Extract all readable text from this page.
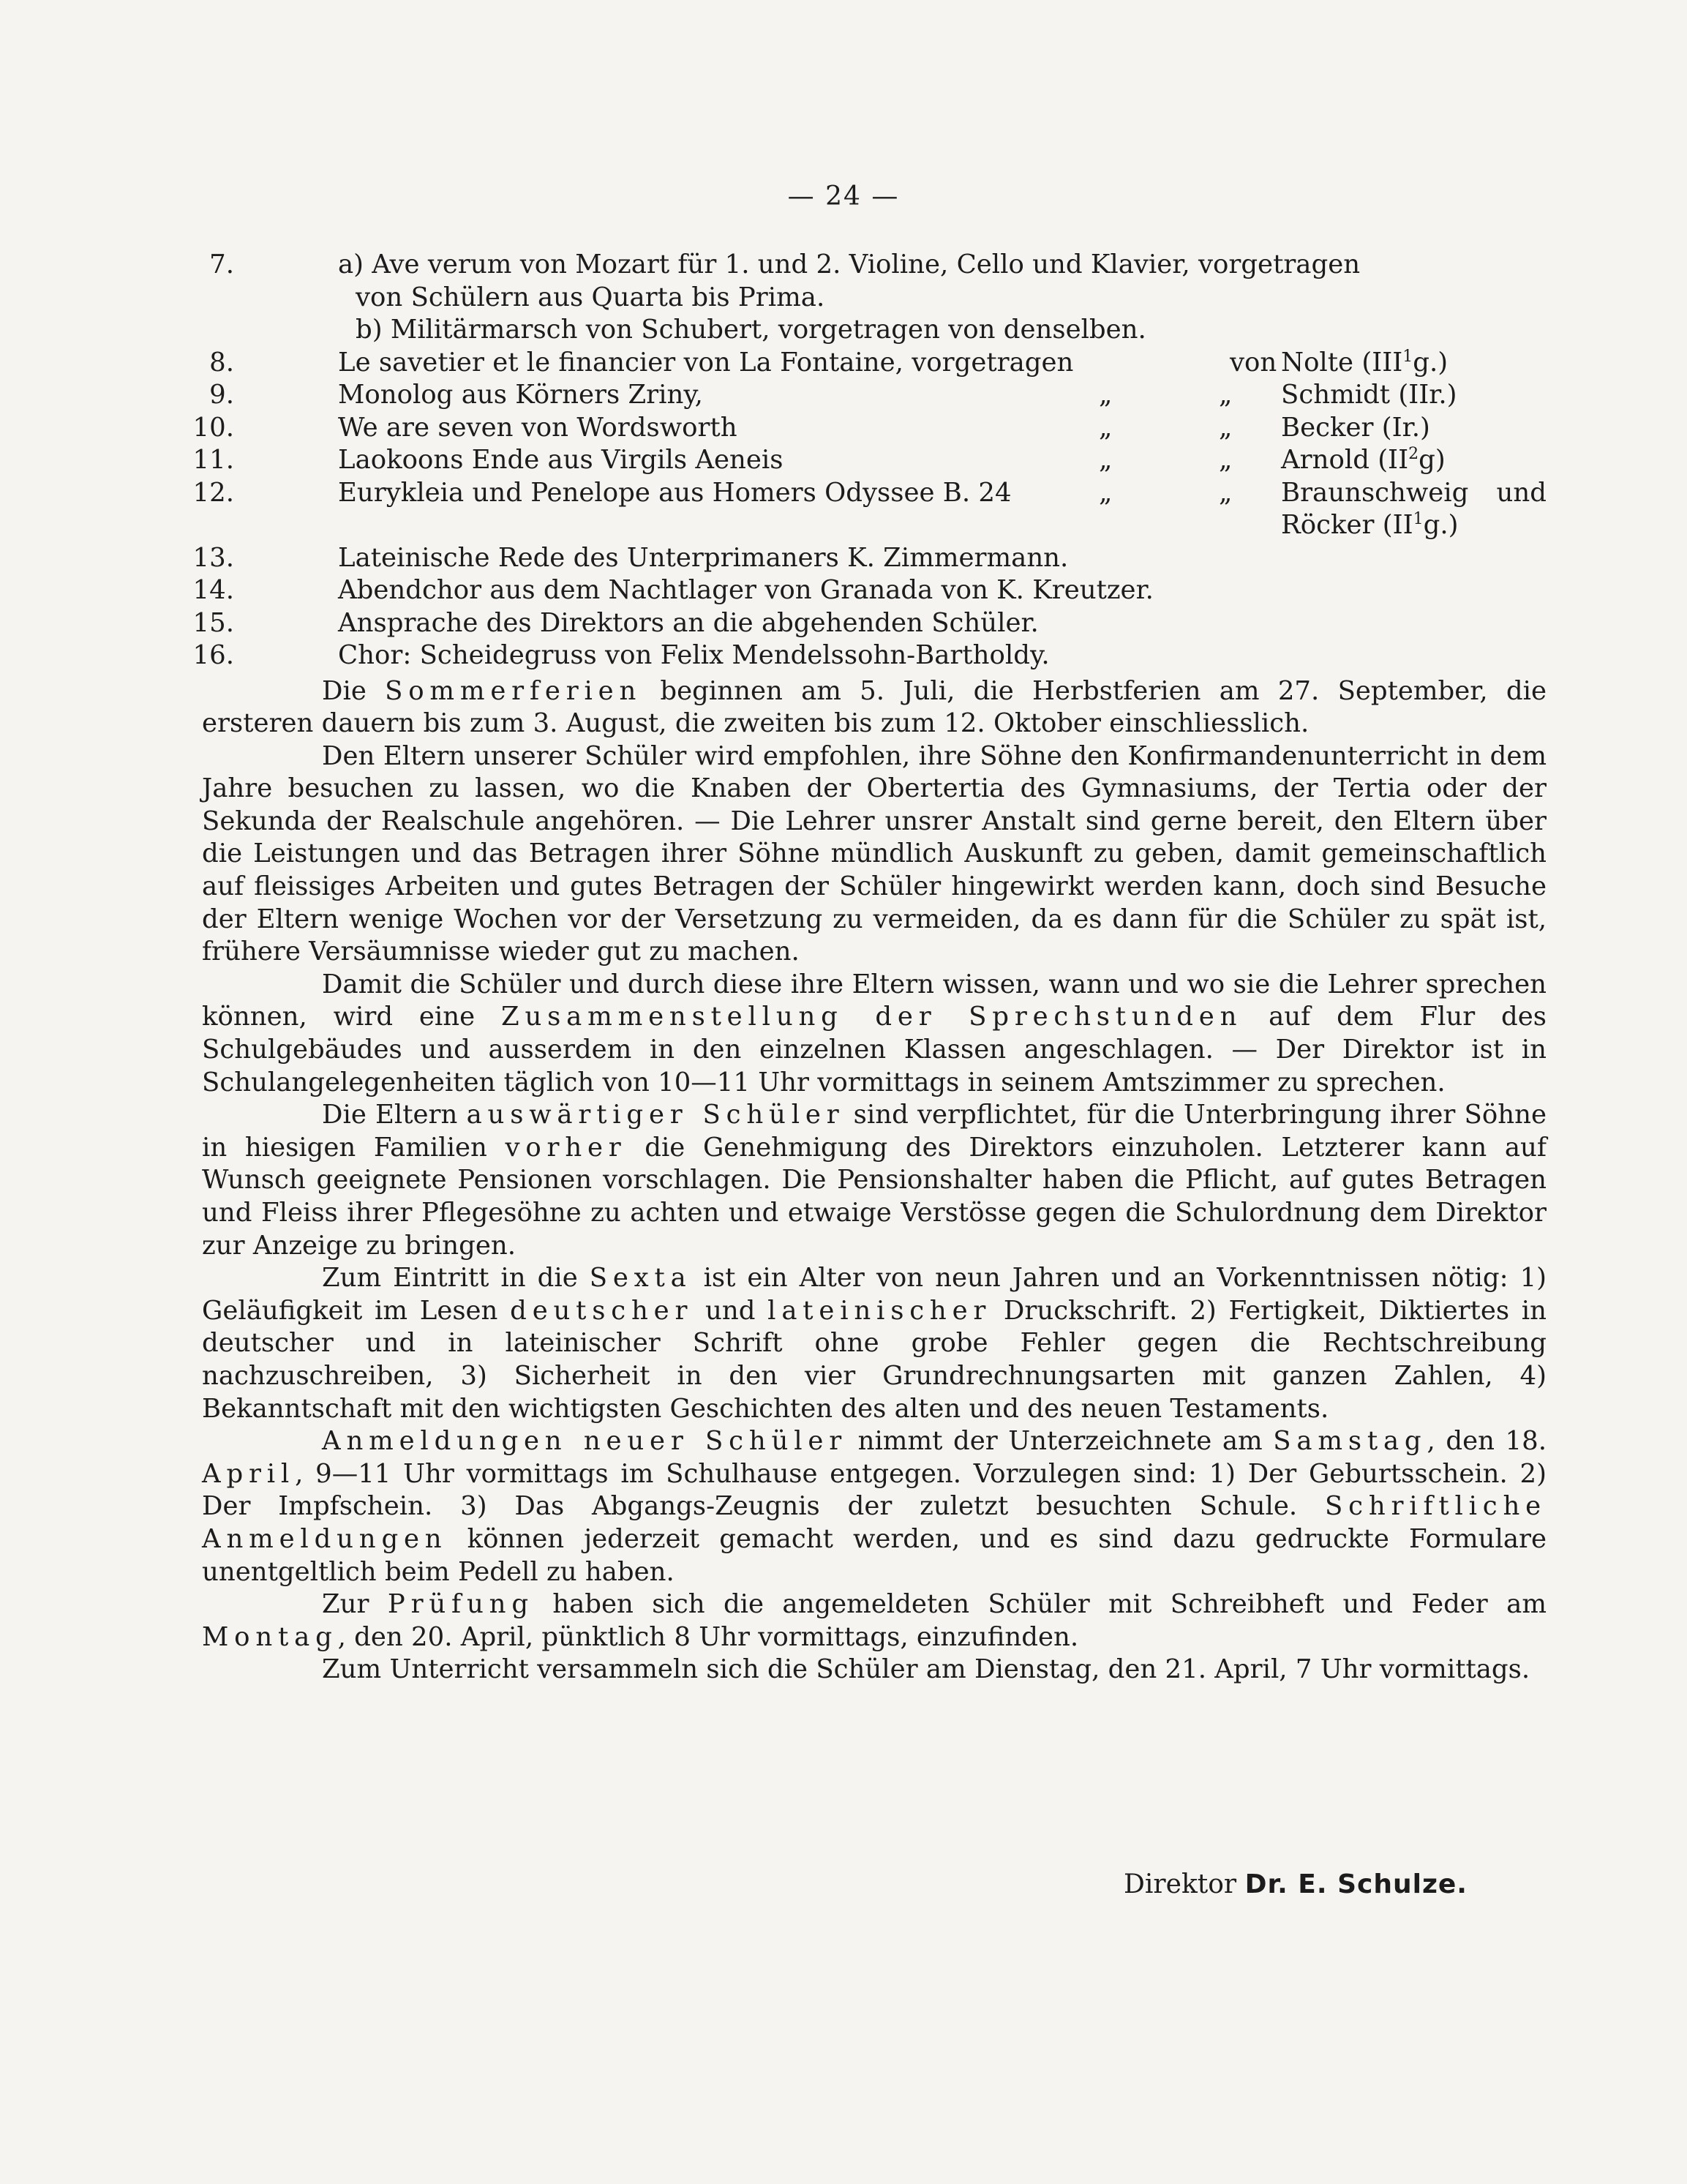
— 24 —
7.	a) Ave verum von Mozart für 1. und 2. Violine, Cello und Klavier, vorgetragen
von Schülern aus Quarta bis Prima.
b) Militärmarsch von Schubert, vorgetragen von denselben.
8.	Le savetier et le financier von La Fontaine, vorgetragen	von Nolte (III$^1$g.)
9.	Monolog aus Körners Zriny,	„	„ Schmidt (IIr.)
10.	We are seven von Wordsworth	„	„ Becker (Ir.)
11.	Laokoons Ende aus Virgils Aeneis	„	„ Arnold $(II^2g)$
12.	Eurykleia und Penelope aus Homers Odyssee B. 24	„	„ Braunschweig und
Röcker $(II^1g.)$
13.	Lateinische Rede des Unterprimaners K. Zimmermann.
14.	Abendchor aus dem Nachtlager von Granada von K. Kreutzer.
15.	Ansprache des Direktors an die abgehenden Schüler.
16.	Chor: Scheidegruss von Felix Mendelssohn-Bartholdy.

Die Sommerferien beginnen am 5. Juli, die Herbstferien am 27. September, die ersteren dauern bis zum 3. August, die zweiten bis zum 12. Oktober einschliesslich.

Den Eltern unserer Schüler wird empfohlen, ihre Söhne den Konfirmandenunterricht in dem Jahre besuchen zu lassen, wo die Knaben der Obertertia des Gymnasiums, der Tertia oder der Sekunda der Realschule angehören. — Die Lehrer unsrer Anstalt sind gerne bereit, den Eltern über die Leistungen und das Betragen ihrer Söhne mündlich Auskunft zu geben, damit gemeinschaftlich auf fleissiges Arbeiten und gutes Betragen der Schüler hingewirkt werden kann, doch sind Besuche der Eltern wenige Wochen vor der Versetzung zu vermeiden, da es dann für die Schüler zu spät ist, frühere Versäumnisse wieder gut zu machen.

Damit die Schüler und durch diese ihre Eltern wissen, wann und wo sie die Lehrer sprechen können, wird eine Zusammenstellung der Sprechstunden auf dem Flur des Schulgebäudes und ausserdem in den einzelnen Klassen angeschlagen. — Der Direktor ist in Schulangelegenheiten täglich von 10—11 Uhr vormittags in seinem Amtszimmer zu sprechen.

Die Eltern auswärtiger Schüler sind verpflichtet, für die Unterbringung ihrer Söhne in hiesigen Familien vorher die Genehmigung des Direktors einzuholen. Letzterer kann auf Wunsch geeignete Pensionen vorschlagen. Die Pensionshalter haben die Pflicht, auf gutes Betragen und Fleiss ihrer Pflegesöhne zu achten und etwaige Verstösse gegen die Schulordnung dem Direktor zur Anzeige zu bringen.

Zum Eintritt in die Sexta ist ein Alter von neun Jahren und an Vorkenntnissen nötig: 1) Geläufigkeit im Lesen deutscher und lateinischer Druckschrift. 2) Fertigkeit, Diktiertes in deutscher und in lateinischer Schrift ohne grobe Fehler gegen die Rechtschreibung nachzuschreiben, 3) Sicherheit in den vier Grundrechnungsarten mit ganzen Zahlen, 4) Bekanntschaft mit den wichtigsten Geschichten des alten und des neuen Testaments.

Anmeldungen neuer Schüler nimmt der Unterzeichnete am Samstag, den 18. April, 9—11 Uhr vormittags im Schulhause entgegen. Vorzulegen sind: 1) Der Geburtsschein. 2) Der Impfschein. 3) Das Abgangs-Zeugnis der zuletzt besuchten Schule. Schriftliche Anmeldungen können jederzeit gemacht werden, und es sind dazu gedruckte Formulare unentgeltlich beim Pedell zu haben.

Zur Prüfung haben sich die angemeldeten Schüler mit Schreibheft und Feder am Montag, den 20. April, pünktlich 8 Uhr vormittags, einzufinden.

Zum Unterricht versammeln sich die Schüler am Dienstag, den 21. April, 7 Uhr vormittags.

Direktor Dr. E. Schulze.
